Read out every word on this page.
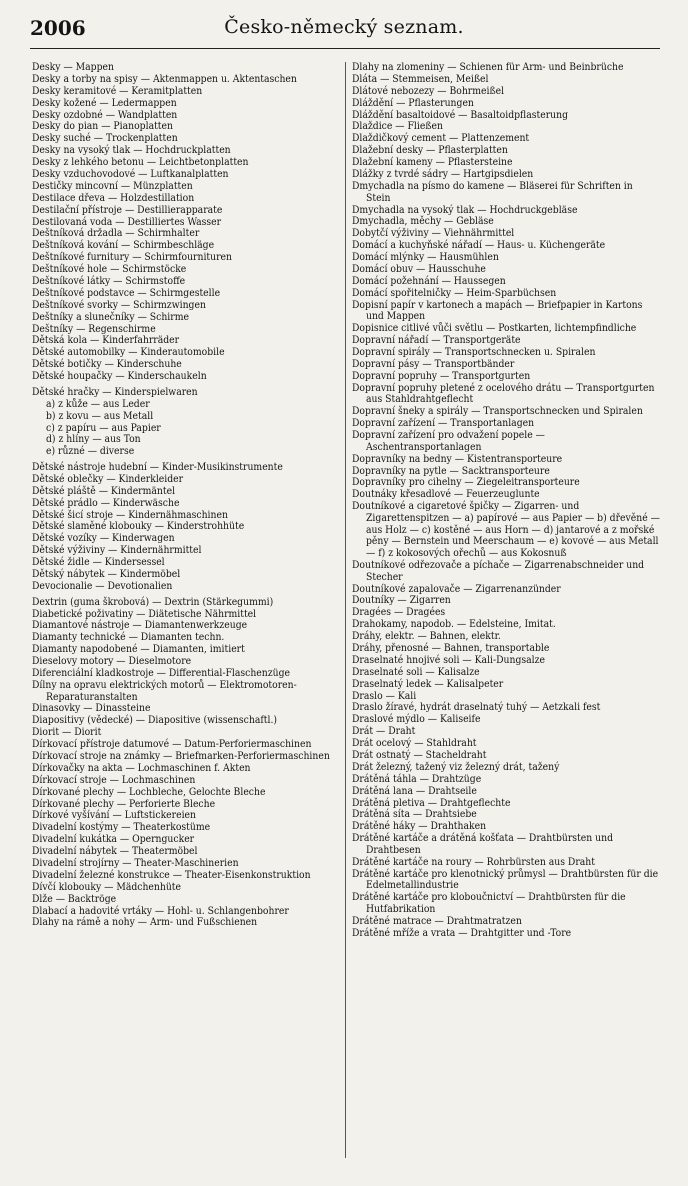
2006	Česko-německý seznam.
Desky — Mappen
Desky a torby na spisy — Aktenmappen u. Aktentaschen
Desky keramitové — Keramitplatten
Desky kožené — Ledermappen
Desky ozdobné — Wandplatten
Desky do pian — Pianoplatten
Desky suché — Trockenplatten
Desky na vysoký tlak — Hochdruckplatten
Desky z lehkého betonu — Leichtbetonplatten
Desky vzduchovodové — Luftkanalplatten
Destičky mincovní — Münzplatten
Destilace dřeva — Holzdestillation
Destilační přístroje — Destillierapparate
Destilovaná voda — Destilliertes Wasser
Deštníková držadla — Schirmhalter
Deštníková kování — Schirmbeschläge
Deštníkové furnitury — Schirmfournituren
Deštníkové hole — Schirmstöcke
Deštníkové látky — Schirmstoffe
Deštníkové podstavce — Schirmgestelle
Deštníkové svorky — Schirmzwingen
Deštníky a slunečníky — Schirme
Deštníky — Regenschirme
Dětská kola — Kinderfahrräder
Dětské automobilky — Kinderautomobile
Dětské botičky — Kinderschuhe
Dětské houpačky — Kinderschaukeln
Dětské hračky — Kinderspielwaren
a) z kůže — aus Leder
b) z kovu — aus Metall
c) z papíru — aus Papier
d) z hlíny — aus Ton
e) různé — diverse
Dětské nástroje hudební — Kinder-Musikinstrumente
Dětské oblečky — Kinderkleider
Dětské pláště — Kindermäntel
Dětské prádlo — Kinderwäsche
Dětské šicí stroje — Kindernähmaschinen
Dětské slaměné klobouky — Kinderstrohhüte
Dětské vozíky — Kinderwagen
Dětské výživiny — Kindernährmittel
Dětské židle — Kindersessel
Dětský nábytek — Kindermöbel
Devocionalie — Devotionalien
Dextrin (guma škrobová) — Dextrin (Stärkegummi)
Diabetické poživatiny — Diätetische Nährmittel
Diamantové nástroje — Diamantenwerkzeuge
Diamanty technické — Diamanten techn.
Diamanty napodobené — Diamanten, imitiert
Dieselovy motory — Dieselmotore
Diferenciální kladkostroje — Differential-Flaschenzüge
Dílny na opravu elektrických motorů — Elektromotoren-Reparaturanstalten
Dinasovky — Dinassteine
Diapositivy (vědecké) — Diapositive (wissenschaftl.)
Diorit — Diorit
Dírkovací přístroje datumové — Datum-Perforiermaschinen
Dírkovací stroje na známky — Briefmarken-Perforiermaschinen
Dírkovačky na akta — Lochmaschinen f. Akten
Dírkovací stroje — Lochmaschinen
Dírkované plechy — Lochbleche, Gelochte Bleche
Dírkované plechy — Perforierte Bleche
Dírkové vyšívání — Luftstickereien
Divadelní kostýmy — Theaterkostüme
Divadelní kukátka — Operngucker
Divadelní nábytek — Theatermöbel
Divadelní strojírny — Theater-Maschinerien
Divadelní železné konstrukce — Theater-Eisenkonstruktion
Dívčí klobouky — Mädchenhüte
Dlže — Backtröge
Dlabací a hadovité vrtáky — Hohl- u. Schlangenbohrer
Dlahy na rámě a nohy — Arm- und Fußschienen
Dlahy na zlomeniny — Schienen für Arm- und Beinbrüche
Dláta — Stemmeisen, Meißel
Dlátové nebozezy — Bohrmeißel
Dláždění — Pflasterungen
Dláždění basaltoidové — Basaltoidpflasterung
Dlaždice — Fließen
Dlaždičkový cement — Plattenzement
Dlažební desky — Pflasterplatten
Dlažební kameny — Pflastersteine
Dlážky z tvrdé sádry — Hartgipsdielen
Dmychadla na písmo do kamene — Bläserei für Schriften in Stein
Dmychadla na vysoký tlak — Hochdruckgebläse
Dmychadla, měchy — Gebläse
Dobytčí výživiny — Viehnährmittel
Domácí a kuchyňské nářadí — Haus- u. Küchengeräte
Domácí mlýnky — Hausmühlen
Domácí obuv — Hausschuhe
Domácí požehnání — Haussegen
Domácí spořitelničky — Heim-Sparbüchsen
Dopisní papír v kartonech a mapách — Briefpapier in Kartons und Mappen
Dopisnice citlivé vůči světlu — Postkarten, lichtempfindliche
Dopravní nářadí — Transportgeräte
Dopravní spirály — Transportschnecken u. Spiralen
Dopravní pásy — Transportbänder
Dopravní popruhy — Transportgurten
Dopravní popruhy pletené z ocelového drátu — Transportgurten aus Stahldrahtgeflecht
Dopravní šneky a spirály — Transportschnecken und Spiralen
Dopravní zařízení — Transportanlagen
Dopravní zařízení pro odvažení popele — Aschentransportanlagen
Dopravníky na bedny — Kistentransporteure
Dopravníky na pytle — Sacktransporteure
Dopravníky pro cihelny — Ziegeleitransporteure
Doutnáky křesadlové — Feuerzeuglunte
Doutníkové a cigaretové špičky — Zigarren- und Zigarettenspitzen — a) papírové — aus Papier — b) dřevěné — aus Holz — c) kostěné — aus Horn — d) jantarové a z mořské pěny — Bernstein und Meerschaum — e) kovové — aus Metall — f) z kokosových ořechů — aus Kokosnuß
Doutníkové odřezovače a píchače — Zigarrenabschneider und Stecher
Doutníkové zapalovače — Zigarrenanzünder
Doutníky — Zigarren
Dragées — Dragées
Drahokamy, napodob. — Edelsteine, Imitat.
Dráhy, elektr. — Bahnen, elektr.
Dráhy, přenosné — Bahnen, transportable
Draselnaté hnojivé soli — Kali-Dungsalze
Draselnaté soli — Kalisalze
Draselnatý ledek — Kalisalpeter
Draslo — Kali
Draslo žíravé, hydrát draselnatý tuhý — Aetzkali fest
Draslové mýdlo — Kaliseife
Drát — Draht
Drát ocelový — Stahldraht
Drát ostnatý — Stacheldraht
Drát železný, tažený viz železný drát, tažený
Drátěná táhla — Drahtzüge
Drátěná lana — Drahtseile
Drátěná pletiva — Drahtgeflechte
Drátěná síta — Drahtsiebe
Drátěné háky — Drahthaken
Drátěné kartáče a drátěná košťata — Drahtbürsten und Drahtbesen
Drátěné kartáče na roury — Rohrbürsten aus Draht
Drátěné kartáče pro klenotnický průmysl — Drahtbürsten für die Edelmetallindustrie
Drátěné kartáče pro kloboučnictví — Drahtbürsten für die Hutfabrikation
Drátěné matrace — Drahtmatratzen
Drátěné mříže a vrata — Drahtgitter und -Tore
